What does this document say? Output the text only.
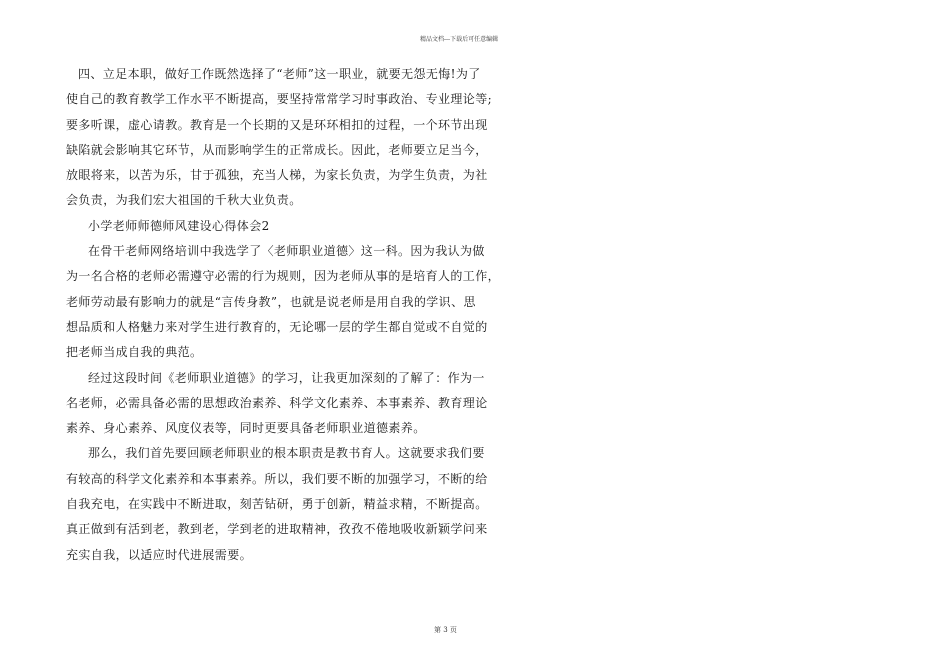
精品文档---下载后可任意编辑
四、立足本职，做好工作既然选择了“老师”这一职业，就要无怨无悔!为了
使自己的教育教学工作水平不断提高，要坚持常常学习时事政治、专业理论等;
要多听课，虚心请教。教育是一个长期的又是环环相扣的过程，一个环节出现
缺陷就会影响其它环节，从而影响学生的正常成长。因此，老师要立足当今，
放眼将来，以苦为乐，甘于孤独，充当人梯，为家长负责，为学生负责，为社
会负责，为我们宏大祖国的千秋大业负责。
小学老师师德师风建设心得体会2
在骨干老师网络培训中我选学了〈老师职业道德〉这一科。因为我认为做
为一名合格的老师必需遵守必需的行为规则，因为老师从事的是培育人的工作，
老师劳动最有影响力的就是“言传身教”，也就是说老师是用自我的学识、思
想品质和人格魅力来对学生进行教育的，无论哪一层的学生都自觉或不自觉的
把老师当成自我的典范。
经过这段时间《老师职业道德》的学习，让我更加深刻的了解了：作为一
名老师，必需具备必需的思想政治素养、科学文化素养、本事素养、教育理论
素养、身心素养、风度仪表等，同时更要具备老师职业道德素养。
那么，我们首先要回顾老师职业的根本职责是教书育人。这就要求我们要
有较高的科学文化素养和本事素养。所以，我们要不断的加强学习，不断的给
自我充电，在实践中不断进取，刻苦钻研，勇于创新，精益求精，不断提高。
真正做到有活到老，教到老，学到老的进取精神，孜孜不倦地吸收新颖学问来
充实自我，以适应时代进展需要。
第 3 页
